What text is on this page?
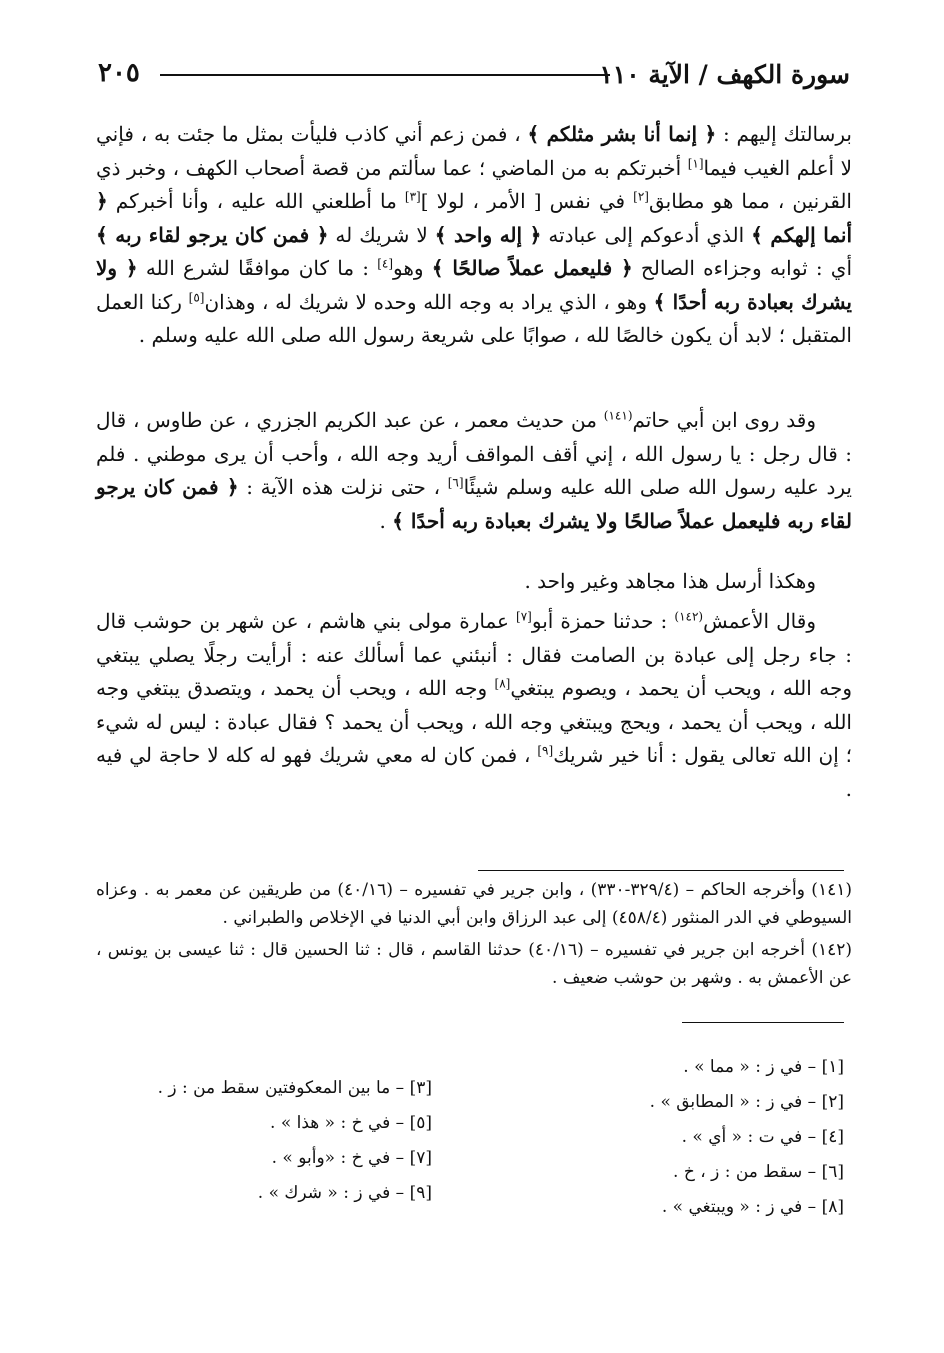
سورة الكهف / الآية ١١٠
٢٠٥

برسالتك إليهم : ﴿ إنما أنا بشر مثلكم ﴾ ، فمن زعم أني كاذب فليأت بمثل ما جئت به ، فإني لا أعلم الغيب فيما[١] أخبرتكم به من الماضي ؛ عما سألتم من قصة أصحاب الكهف ، وخبر ذي القرنين ، مما هو مطابق[٢] في نفس [ الأمر ، لولا ][٣] ما أطلعني الله عليه ، وأنا أخبركم ﴿ أنما إلهكم ﴾ الذي أدعوكم إلى عبادته ﴿ إله واحد ﴾ لا شريك له ﴿ فمن كان يرجو لقاء ربه ﴾ أي : ثوابه وجزاءه الصالح ﴿ فليعمل عملاً صالحًا ﴾ وهو[٤] : ما كان موافقًا لشرع الله ﴿ ولا يشرك بعبادة ربه أحدًا ﴾ وهو ، الذي يراد به وجه الله وحده لا شريك له ، وهذان[٥] ركنا العمل المتقبل ؛ لابد أن يكون خالصًا لله ، صوابًا على شريعة رسول الله صلى الله عليه وسلم .

وقد روى ابن أبي حاتم$^{(١٤١)}$ من حديث معمر ، عن عبد الكريم الجزري ، عن طاوس ، قال : قال رجل : يا رسول الله ، إني أقف المواقف أريد وجه الله ، وأحب أن يرى موطني . فلم يرد عليه رسول الله صلى الله عليه وسلم شيئًا[٦] ، حتى نزلت هذه الآية : ﴿ فمن كان يرجو لقاء ربه فليعمل عملاً صالحًا ولا يشرك بعبادة ربه أحدًا ﴾ .

وهكذا أرسل هذا مجاهد وغير واحد .

وقال الأعمش$^{(١٤٢)}$ : حدثنا حمزة أبو[٧] عمارة مولى بني هاشم ، عن شهر بن حوشب قال : جاء رجل إلى عبادة بن الصامت فقال : أنبئني عما أسألك عنه : أرأيت رجلًا يصلي يبتغي وجه الله ، ويحب أن يحمد ، ويصوم يبتغي[٨] وجه الله ، ويحب أن يحمد ، ويتصدق يبتغي وجه الله ، ويحب أن يحمد ، ويحج ويبتغي وجه الله ، ويحب أن يحمد ؟ فقال عبادة : ليس له شيء ؛ إن الله تعالى يقول : أنا خير شريك[٩] ، فمن كان له معي شريك فهو له كله لا حاجة لي فيه .

(١٤١) وأخرجه الحاكم – (٣٢٩/٤-٣٣٠) ، وابن جرير في تفسيره – (٤٠/١٦) من طريقين عن معمر به . وعزاه السيوطي في الدر المنثور (٤٥٨/٤) إلى عبد الرزاق وابن أبي الدنيا في الإخلاص والطبراني .

(١٤٢) أخرجه ابن جرير في تفسيره – (٤٠/١٦) حدثنا القاسم ، قال : ثنا الحسين قال : ثنا عيسى بن يونس ، عن الأعمش به . وشهر بن حوشب ضعيف .

[١] – في ز : « مما » .
[٢] – في ز : « المطابق » .
[٤] – في ت : « أي » .
[٦] – سقط من : ز ، خ .
[٨] – في ز : « ويبتغي » .
[٣] – ما بين المعكوفتين سقط من : ز .
[٥] – في خ : « هذا » .
[٧] – في خ : «وأبو » .
[٩] – في ز : « شرك » .
